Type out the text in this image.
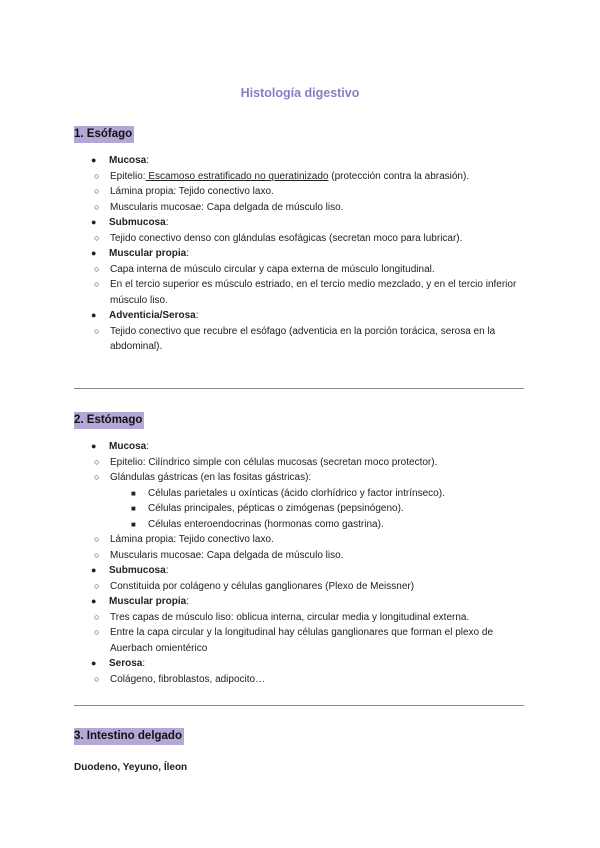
Histología digestivo
1. Esófago
● Mucosa:
○ Epitelio: Escamoso estratificado no queratinizado (protección contra la abrasión).
○ Lámina propia: Tejido conectivo laxo.
○ Muscularis mucosae: Capa delgada de músculo liso.
● Submucosa:
○ Tejido conectivo denso con glándulas esofágicas (secretan moco para lubricar).
● Muscular propia:
○ Capa interna de músculo circular y capa externa de músculo longitudinal.
○ En el tercio superior es músculo estriado, en el tercio medio mezclado, y en el tercio inferior músculo liso.
● Adventicia/Serosa:
○ Tejido conectivo que recubre el esófago (adventicia en la porción torácica, serosa en la abdominal).
2. Estómago
● Mucosa:
○ Epitelio: Cilíndrico simple con células mucosas (secretan moco protector).
○ Glándulas gástricas (en las fositas gástricas):
■ Células parietales u oxínticas (ácido clorhídrico y factor intrínseco).
■ Células principales, pépticas o zimógenas (pepsinógeno).
■ Células enteroendocrinas (hormonas como gastrina).
○ Lámina propia: Tejido conectivo laxo.
○ Muscularis mucosae: Capa delgada de músculo liso.
● Submucosa:
○ Constituida por colágeno y células ganglionares (Plexo de Meissner)
● Muscular propia:
○ Tres capas de músculo liso: oblicua interna, circular media y longitudinal externa.
○ Entre la capa circular y la longitudinal hay células ganglionares que forman el plexo de Auerbach omientérico
● Serosa:
○ Colágeno, fibroblastos, adipocito…
3. Intestino delgado
Duodeno, Yeyuno, Íleon
